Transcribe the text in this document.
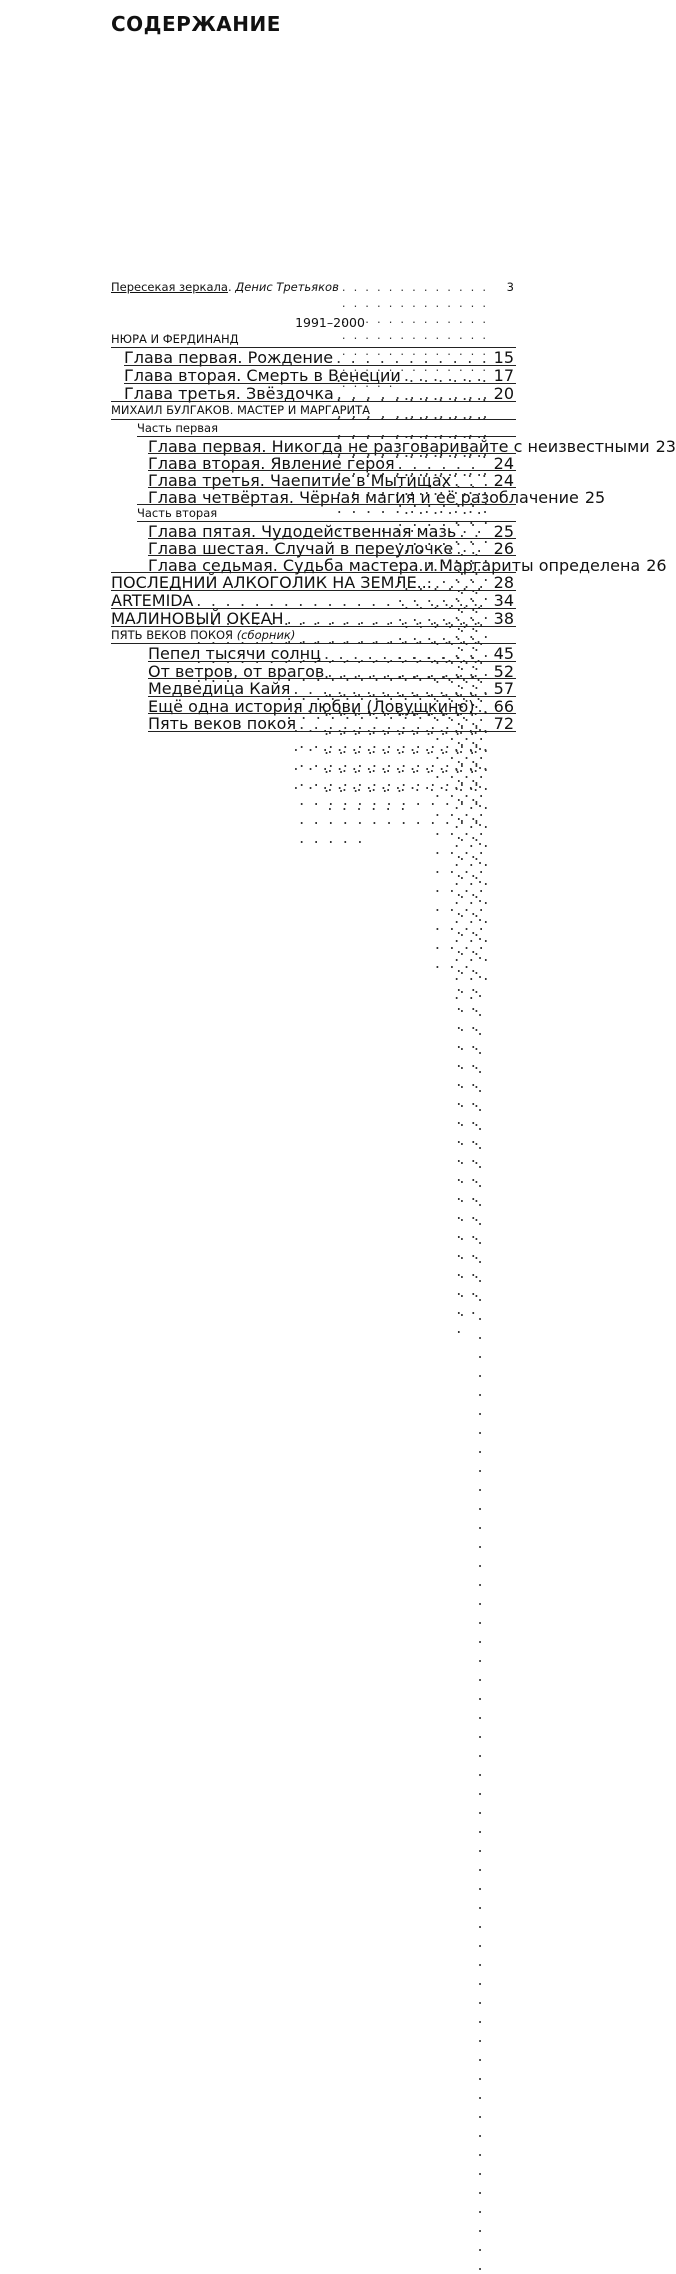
СОДЕРЖАНИЕ
Пересекая зеркала. Денис Третьяков . . .	3
1991–2000
НЮРА И ФЕРДИНАНД
Глава первая. Рождение . . .	15
Глава вторая. Смерть в Венеции . . .	17
Глава третья. Звёздочка . . .	20
МИХАИЛ БУЛГАКОВ. МАСТЕР И МАРГАРИТА
Часть первая
Глава первая. Никогда не разговаривайте с неизвестными 23
Глава вторая. Явление героя . . .	24
Глава третья. Чаепитие в Мытищах . . .	24
Глава четвёртая. Чёрная магия и её разоблачение 25
Часть вторая
Глава пятая. Чудодейственная мазь . . . 25
Глава шестая. Случай в переулочке . . .	26
Глава седьмая. Судьба мастера и Маргариты определена 26
ПОСЛЕДНИЙ АЛКОГОЛИК НА ЗЕМЛЕ... . . .	28
ARTEMIDA . . .	34
МАЛИНОВЫЙ ОКЕАН . . .	38
ПЯТЬ ВЕКОВ ПОКОЯ (сборник)
Пепел тысячи солнц . . .	45
От ветров, от врагов . . .	52
Медведица Кайя . . .	57
Ещё одна история любви (Ловушкино) . . . 66
Пять веков покоя . . .	72
